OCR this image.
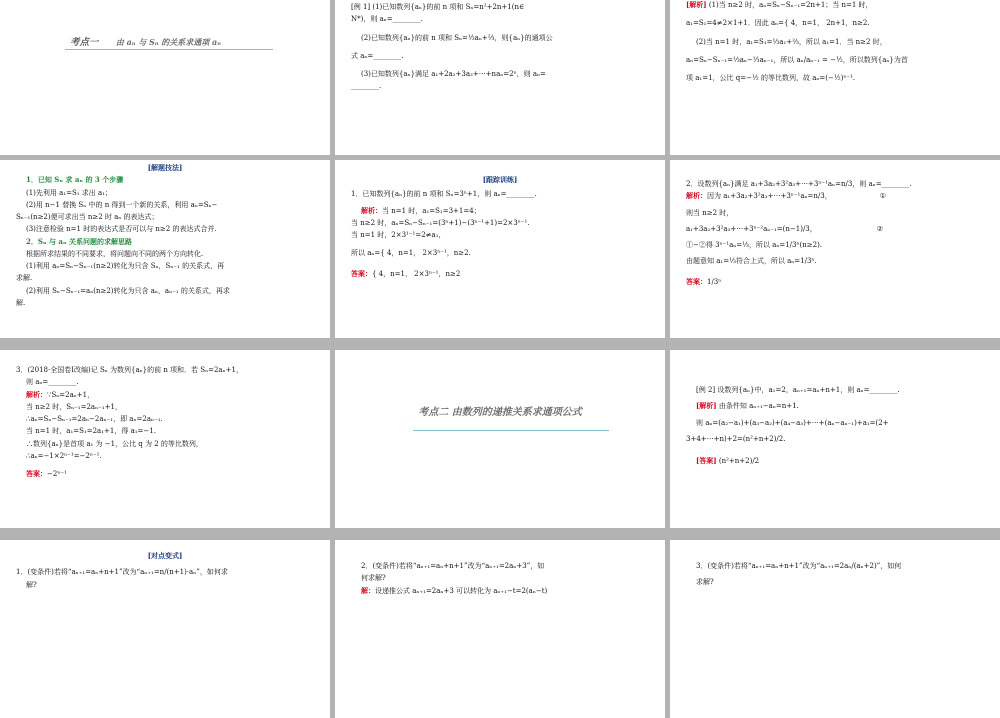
考点一 由 aₙ 与 Sₙ 的关系求通项 aₙ
[例 1] (1)已知数列{aₙ}的前 n 项和 Sₙ=n²+2n+1(n∈
N*)，则 aₙ=________.
(2)已知数列{aₙ}的前 n 项和 Sₙ=⅓aₙ+⅔，则{aₙ}的通项公
式 aₙ=________.
(3)已知数列{aₙ}满足 a₁+2a₂+3a₃+⋯+naₙ=2ⁿ，则 aₙ=
________.
[解析] (1)当 n≥2 时，aₙ=Sₙ−Sₙ₋₁=2n+1；当 n=1 时，
a₁=S₁=4≠2×1+1．因此 aₙ={ 4，n=1， 2n+1，n≥2.
(2)当 n=1 时，a₁=S₁=⅓a₁+⅔，所以 a₁=1．当 n≥2 时，
aₙ=Sₙ−Sₙ₋₁=⅓aₙ−⅓aₙ₋₁，所以 aₙ/aₙ₋₁ = −½，所以数列{aₙ}为首
项 a₁=1，公比 q=−½ 的等比数列，故 aₙ=(−½)ⁿ⁻¹.
[解题技法]
1．已知 Sₙ 求 aₙ 的 3 个步骤
(1)先利用 a₁=S₁ 求出 a₁；
(2)用 n−1 替换 Sₙ 中的 n 得到一个新的关系，利用 aₙ=Sₙ−
Sₙ₋₁(n≥2)便可求出当 n≥2 时 aₙ 的表达式；
(3)注意检验 n=1 时的表达式是否可以与 n≥2 的表达式合并.
2．Sₙ 与 aₙ 关系问题的求解思路
根据所求结果的不同要求，将问题向不同的两个方向转化.
(1)利用 aₙ=Sₙ−Sₙ₋₁(n≥2)转化为只含 Sₙ，Sₙ₋₁ 的关系式，再
求解.
(2)利用 Sₙ−Sₙ₋₁=aₙ(n≥2)转化为只含 aₙ，aₙ₋₁ 的关系式，再求
解.
[跟踪训练]
1．已知数列{aₙ}的前 n 项和 Sₙ=3ⁿ+1，则 aₙ=________.
解析：当 n=1 时，a₁=S₁=3+1=4；
当 n≥2 时，aₙ=Sₙ−Sₙ₋₁=(3ⁿ+1)−(3ⁿ⁻¹+1)=2×3ⁿ⁻¹.
当 n=1 时，2×3¹⁻¹=2≠a₁，
所以 aₙ={ 4，n=1， 2×3ⁿ⁻¹，n≥2.
答案：{ 4，n=1， 2×3ⁿ⁻¹，n≥2
2．设数列{aₙ}满足 a₁+3a₂+3²a₃+⋯+3ⁿ⁻¹aₙ=n/3，则 aₙ=________.
解析：因为 a₁+3a₂+3²a₃+⋯+3ⁿ⁻¹aₙ=n/3，	①
则当 n≥2 时，
a₁+3a₂+3²a₃+⋯+3ⁿ⁻²aₙ₋₁=(n−1)/3，	②
①−②得 3ⁿ⁻¹aₙ=⅓，所以 aₙ=1/3ⁿ(n≥2).
由题意知 a₁=⅓符合上式，所以 aₙ=1/3ⁿ.
答案：1/3ⁿ
3．(2018·全国卷Ⅰ改编)记 Sₙ 为数列{aₙ}的前 n 项和．若 Sₙ=2aₙ+1，
则 aₙ=________.
解析：∵Sₙ=2aₙ+1，
当 n≥2 时，Sₙ₋₁=2aₙ₋₁+1，
∴aₙ=Sₙ−Sₙ₋₁=2aₙ−2aₙ₋₁，即 aₙ=2aₙ₋₁.
当 n=1 时，a₁=S₁=2a₁+1，得 a₁=−1.
∴数列{aₙ}是首项 a₁ 为 −1，公比 q 为 2 的等比数列，
∴aₙ=−1×2ⁿ⁻¹=−2ⁿ⁻¹.
答案：−2ⁿ⁻¹
考点二 由数列的递推关系求通项公式
[例 2] 设数列{aₙ}中，a₁=2，aₙ₊₁=aₙ+n+1，则 aₙ=________.
[解析] 由条件知 aₙ₊₁−aₙ=n+1.
则 aₙ=(a₂−a₁)+(a₃−a₂)+(a₄−a₃)+⋯+(aₙ−aₙ₋₁)+a₁=(2+
3+4+⋯+n)+2=(n²+n+2)/2.
[答案] (n²+n+2)/2
[对点变式]
1．(变条件)若将“aₙ₊₁=aₙ+n+1”改为“aₙ₊₁=n/(n+1)·aₙ”，如何求
解?
2．(变条件)若将“aₙ₊₁=aₙ+n+1”改为“aₙ₊₁=2aₙ+3”，如
何求解?
解：设递推公式 aₙ₊₁=2aₙ+3 可以转化为 aₙ₊₁−t=2(aₙ−t)
3．(变条件)若将“aₙ₊₁=aₙ+n+1”改为“aₙ₊₁=2aₙ/(aₙ+2)”，如何
求解?
